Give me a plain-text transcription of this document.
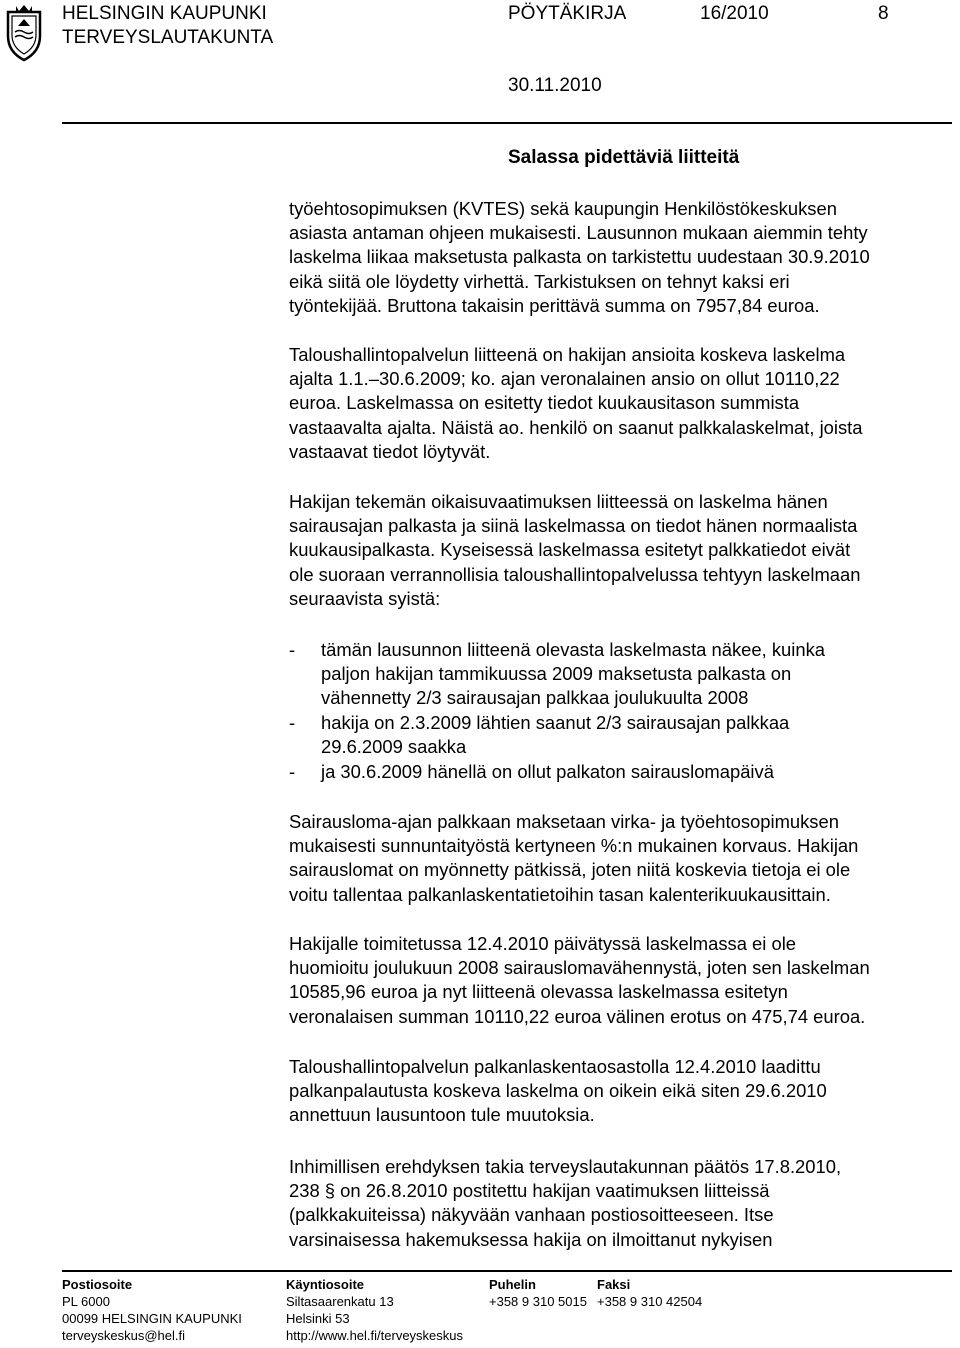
HELSINGIN KAUPUNKI
TERVEYSLAUTAKUNTA
PÖYTÄKIRJA	16/2010	8
30.11.2010
Salassa pidettäviä liitteitä
työehtosopimuksen (KVTES) sekä kaupungin Henkilöstökeskuksen
asiasta antaman ohjeen mukaisesti. Lausunnon mukaan aiemmin tehty
laskelma liikaa maksetusta palkasta on tarkistettu uudestaan 30.9.2010
eikä siitä ole löydetty virhettä. Tarkistuksen on tehnyt kaksi eri
työntekijää. Bruttona takaisin perittävä summa on 7957,84 euroa.
Taloushallintopalvelun liitteenä on hakijan ansioita koskeva laskelma
ajalta 1.1.–30.6.2009; ko. ajan veronalainen ansio on ollut 10110,22
euroa. Laskelmassa on esitetty tiedot kuukausitason summista
vastaavalta ajalta. Näistä ao. henkilö on saanut palkkalaskelmat, joista
vastaavat tiedot löytyvät.
Hakijan tekemän oikaisuvaatimuksen liitteessä on laskelma hänen
sairausajan palkasta ja siinä laskelmassa on tiedot hänen normaalista
kuukausipalkasta. Kyseisessä laskelmassa esitetyt palkkatiedot eivät
ole suoraan verrannollisia taloushallintopalvelussa tehtyyn laskelmaan
seuraavista syistä:
- tämän lausunnon liitteenä olevasta laskelmasta näkee, kuinka
paljon hakijan tammikuussa 2009 maksetusta palkasta on
vähennetty 2/3 sairausajan palkkaa joulukuulta 2008
- hakija on 2.3.2009 lähtien saanut 2/3 sairausajan palkkaa
29.6.2009 saakka
- ja 30.6.2009 hänellä on ollut palkaton sairauslomapäivä
Sairausloma-ajan palkkaan maksetaan virka- ja työehtosopimuksen
mukaisesti sunnuntaityöstä kertyneen %:n mukainen korvaus. Hakijan
sairauslomat on myönnetty pätkissä, joten niitä koskevia tietoja ei ole
voitu tallentaa palkanlaskentatietoihin tasan kalenterikuukausittain.
Hakijalle toimitetussa 12.4.2010 päivätyssä laskelmassa ei ole
huomioitu joulukuun 2008 sairauslomavähennystä, joten sen laskelman
10585,96 euroa ja nyt liitteenä olevassa laskelmassa esitetyn
veronalaisen summan 10110,22 euroa välinen erotus on 475,74 euroa.
Taloushallintopalvelun palkanlaskentaosastolla 12.4.2010 laadittu
palkanpalautusta koskeva laskelma on oikein eikä siten 29.6.2010
annettuun lausuntoon tule muutoksia.
Inhimillisen erehdyksen takia terveyslautakunnan päätös 17.8.2010,
238 § on 26.8.2010 postitettu hakijan vaatimuksen liitteissä
(palkkakuiteissa) näkyvään vanhaan postiosoitteeseen. Itse
varsinaisessa hakemuksessa hakija on ilmoittanut nykyisen
Postiosoite
PL 6000
00099 HELSINGIN KAUPUNKI
terveyskeskus@hel.fi
Käyntiosoite
Siltasaarenkatu 13
Helsinki 53
http://www.hel.fi/terveyskeskus
Puhelin
+358 9 310 5015
Faksi
+358 9 310 42504
